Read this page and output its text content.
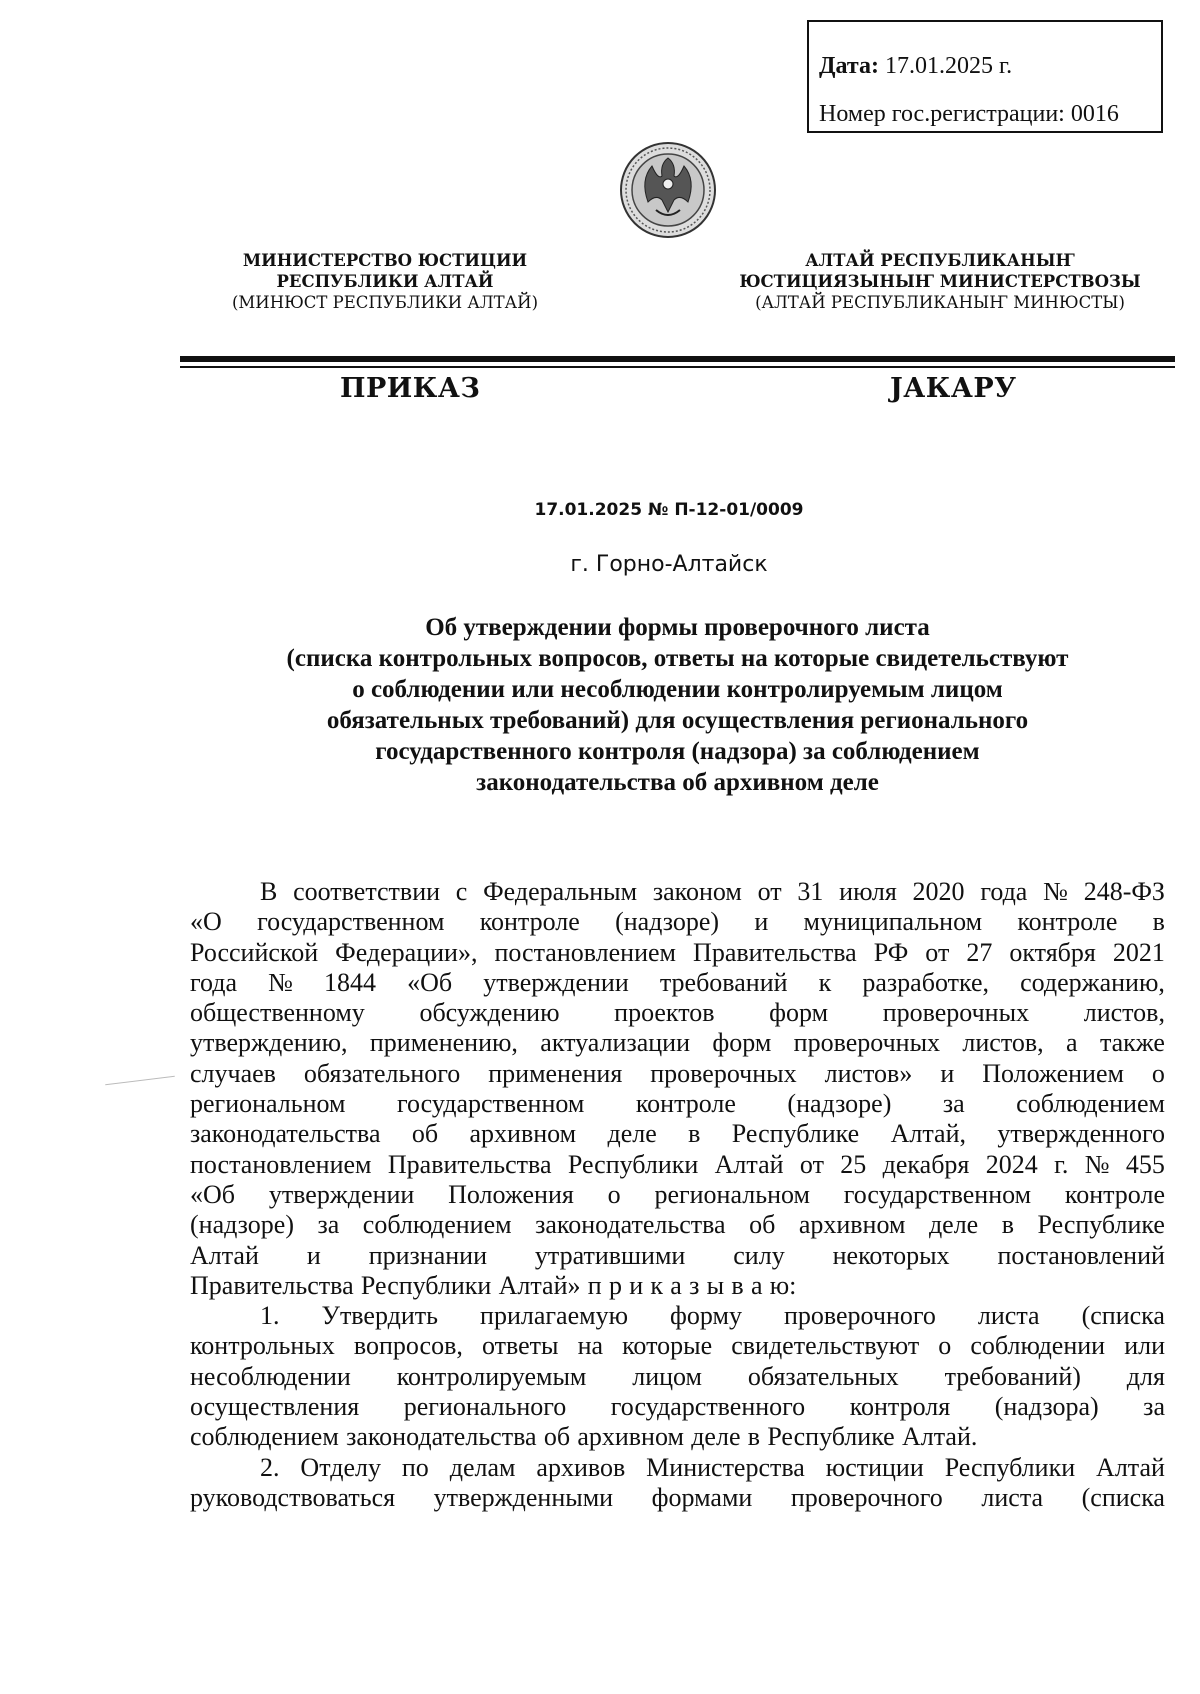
Дата: 17.01.2025 г.
Номер гос.регистрации: 0016
МИНИСТЕРСТВО ЮСТИЦИИ
РЕСПУБЛИКИ АЛТАЙ
(МИНЮСТ РЕСПУБЛИКИ АЛТАЙ)
АЛТАЙ РЕСПУБЛИКАНЫҤ
ЮСТИЦИЯЗЫНЫҤ МИНИСТЕРСТВОЗЫ
(АЛТАЙ РЕСПУБЛИКАНЫҤ МИНЮСТЫ)
ПРИКАЗ	JАКАРУ
17.01.2025 № П-12-01/0009
г. Горно-Алтайск
Об утверждении формы проверочного листа
(списка контрольных вопросов, ответы на которые свидетельствуют
о соблюдении или несоблюдении контролируемым лицом
обязательных требований) для осуществления регионального
государственного контроля (надзора) за соблюдением
законодательства об архивном деле
В соответствии с Федеральным законом от 31 июля 2020 года № 248-ФЗ
«О государственном контроле (надзоре) и муниципальном контроле в
Российской Федерации», постановлением Правительства РФ от 27 октября 2021
года № 1844 «Об утверждении требований к разработке, содержанию,
общественному обсуждению проектов форм проверочных листов,
утверждению, применению, актуализации форм проверочных листов, а также
случаев обязательного применения проверочных листов» и Положением о
региональном государственном контроле (надзоре) за соблюдением
законодательства об архивном деле в Республике Алтай, утвержденного
постановлением Правительства Республики Алтай от 25 декабря 2024 г. № 455
«Об утверждении Положения о региональном государственном контроле
(надзоре) за соблюдением законодательства об архивном деле в Республике
Алтай и признании утратившими силу некоторых постановлений
Правительства Республики Алтай» п р и к а з ы в а ю:
1. Утвердить прилагаемую форму проверочного листа (списка
контрольных вопросов, ответы на которые свидетельствуют о соблюдении или
несоблюдении контролируемым лицом обязательных требований) для
осуществления регионального государственного контроля (надзора) за
соблюдением законодательства об архивном деле в Республике Алтай.
2. Отделу по делам архивов Министерства юстиции Республики Алтай
руководствоваться утвержденными формами проверочного листа (списка
